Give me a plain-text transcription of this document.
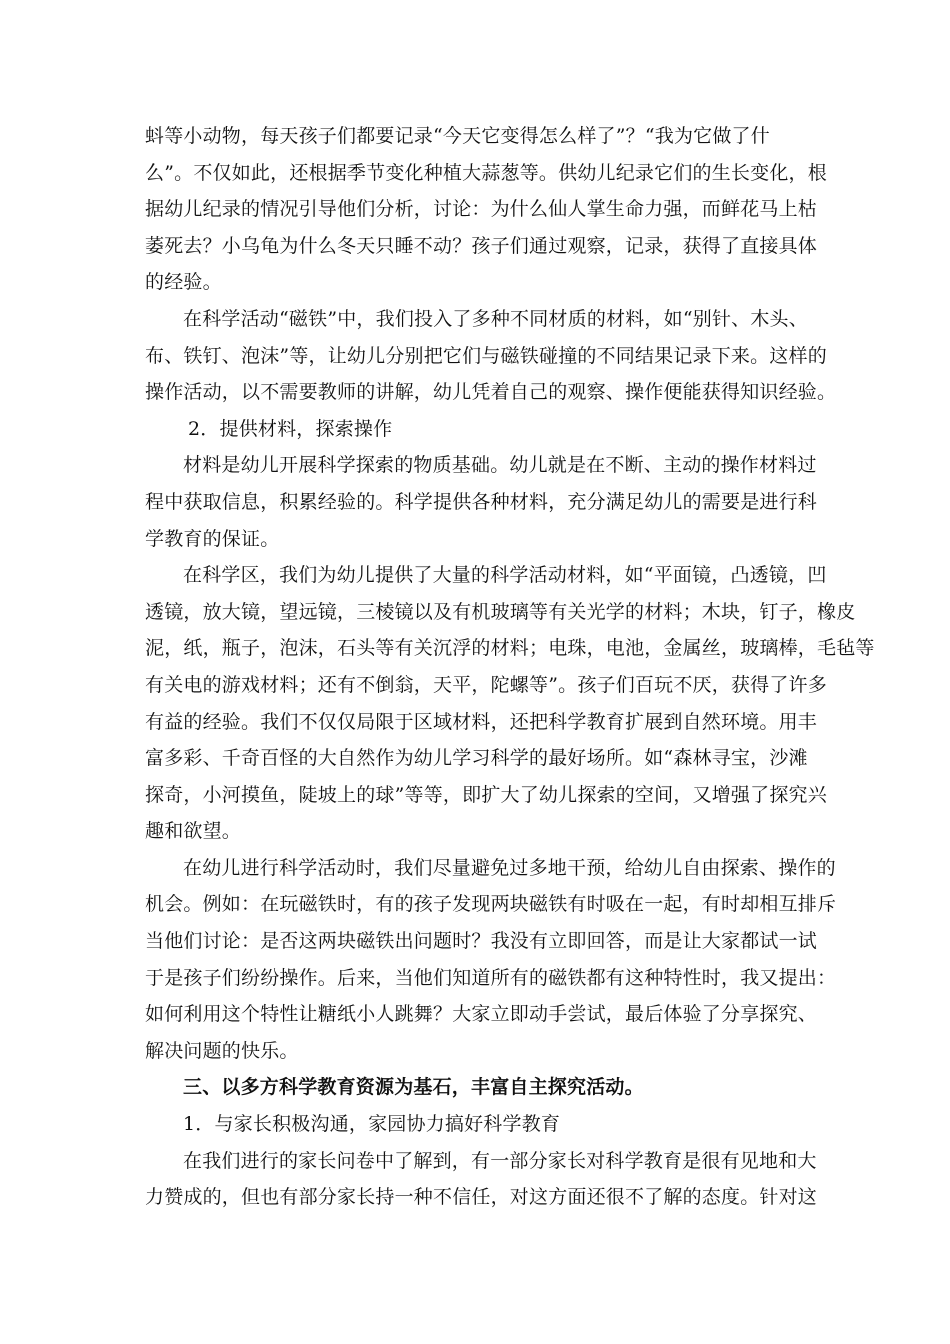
蚪等小动物，每天孩子们都要记录“今天它变得怎么样了”？“我为它做了什
么”。不仅如此，还根据季节变化种植大蒜葱等。供幼儿纪录它们的生长变化，根
据幼儿纪录的情况引导他们分析，讨论：为什么仙人掌生命力强，而鲜花马上枯
萎死去？小乌龟为什么冬天只睡不动？孩子们通过观察，记录，获得了直接具体
的经验。
在科学活动“磁铁”中，我们投入了多种不同材质的材料，如“别针、木头、
布、铁钉、泡沫”等，让幼儿分别把它们与磁铁碰撞的不同结果记录下来。这样的
操作活动，以不需要教师的讲解，幼儿凭着自己的观察、操作便能获得知识经验。
2．提供材料，探索操作
材料是幼儿开展科学探索的物质基础。幼儿就是在不断、主动的操作材料过
程中获取信息，积累经验的。科学提供各种材料，充分满足幼儿的需要是进行科
学教育的保证。
在科学区，我们为幼儿提供了大量的科学活动材料，如“平面镜，凸透镜，凹
透镜，放大镜，望远镜，三棱镜以及有机玻璃等有关光学的材料；木块，钉子，橡皮
泥，纸，瓶子，泡沫，石头等有关沉浮的材料；电珠，电池，金属丝，玻璃棒，毛毡等
有关电的游戏材料；还有不倒翁，天平，陀螺等”。孩子们百玩不厌，获得了许多
有益的经验。我们不仅仅局限于区域材料，还把科学教育扩展到自然环境。用丰
富多彩、千奇百怪的大自然作为幼儿学习科学的最好场所。如“森林寻宝，沙滩
探奇，小河摸鱼，陡坡上的球”等等，即扩大了幼儿探索的空间，又增强了探究兴
趣和欲望。
在幼儿进行科学活动时，我们尽量避免过多地干预，给幼儿自由探索、操作的
机会。例如：在玩磁铁时，有的孩子发现两块磁铁有时吸在一起，有时却相互排斥
当他们讨论：是否这两块磁铁出问题时？我没有立即回答，而是让大家都试一试
于是孩子们纷纷操作。后来，当他们知道所有的磁铁都有这种特性时，我又提出：
如何利用这个特性让糖纸小人跳舞？大家立即动手尝试，最后体验了分享探究、
解决问题的快乐。
三、以多方科学教育资源为基石，丰富自主探究活动。
1．与家长积极沟通，家园协力搞好科学教育
在我们进行的家长问卷中了解到，有一部分家长对科学教育是很有见地和大
力赞成的，但也有部分家长持一种不信任，对这方面还很不了解的态度。针对这
